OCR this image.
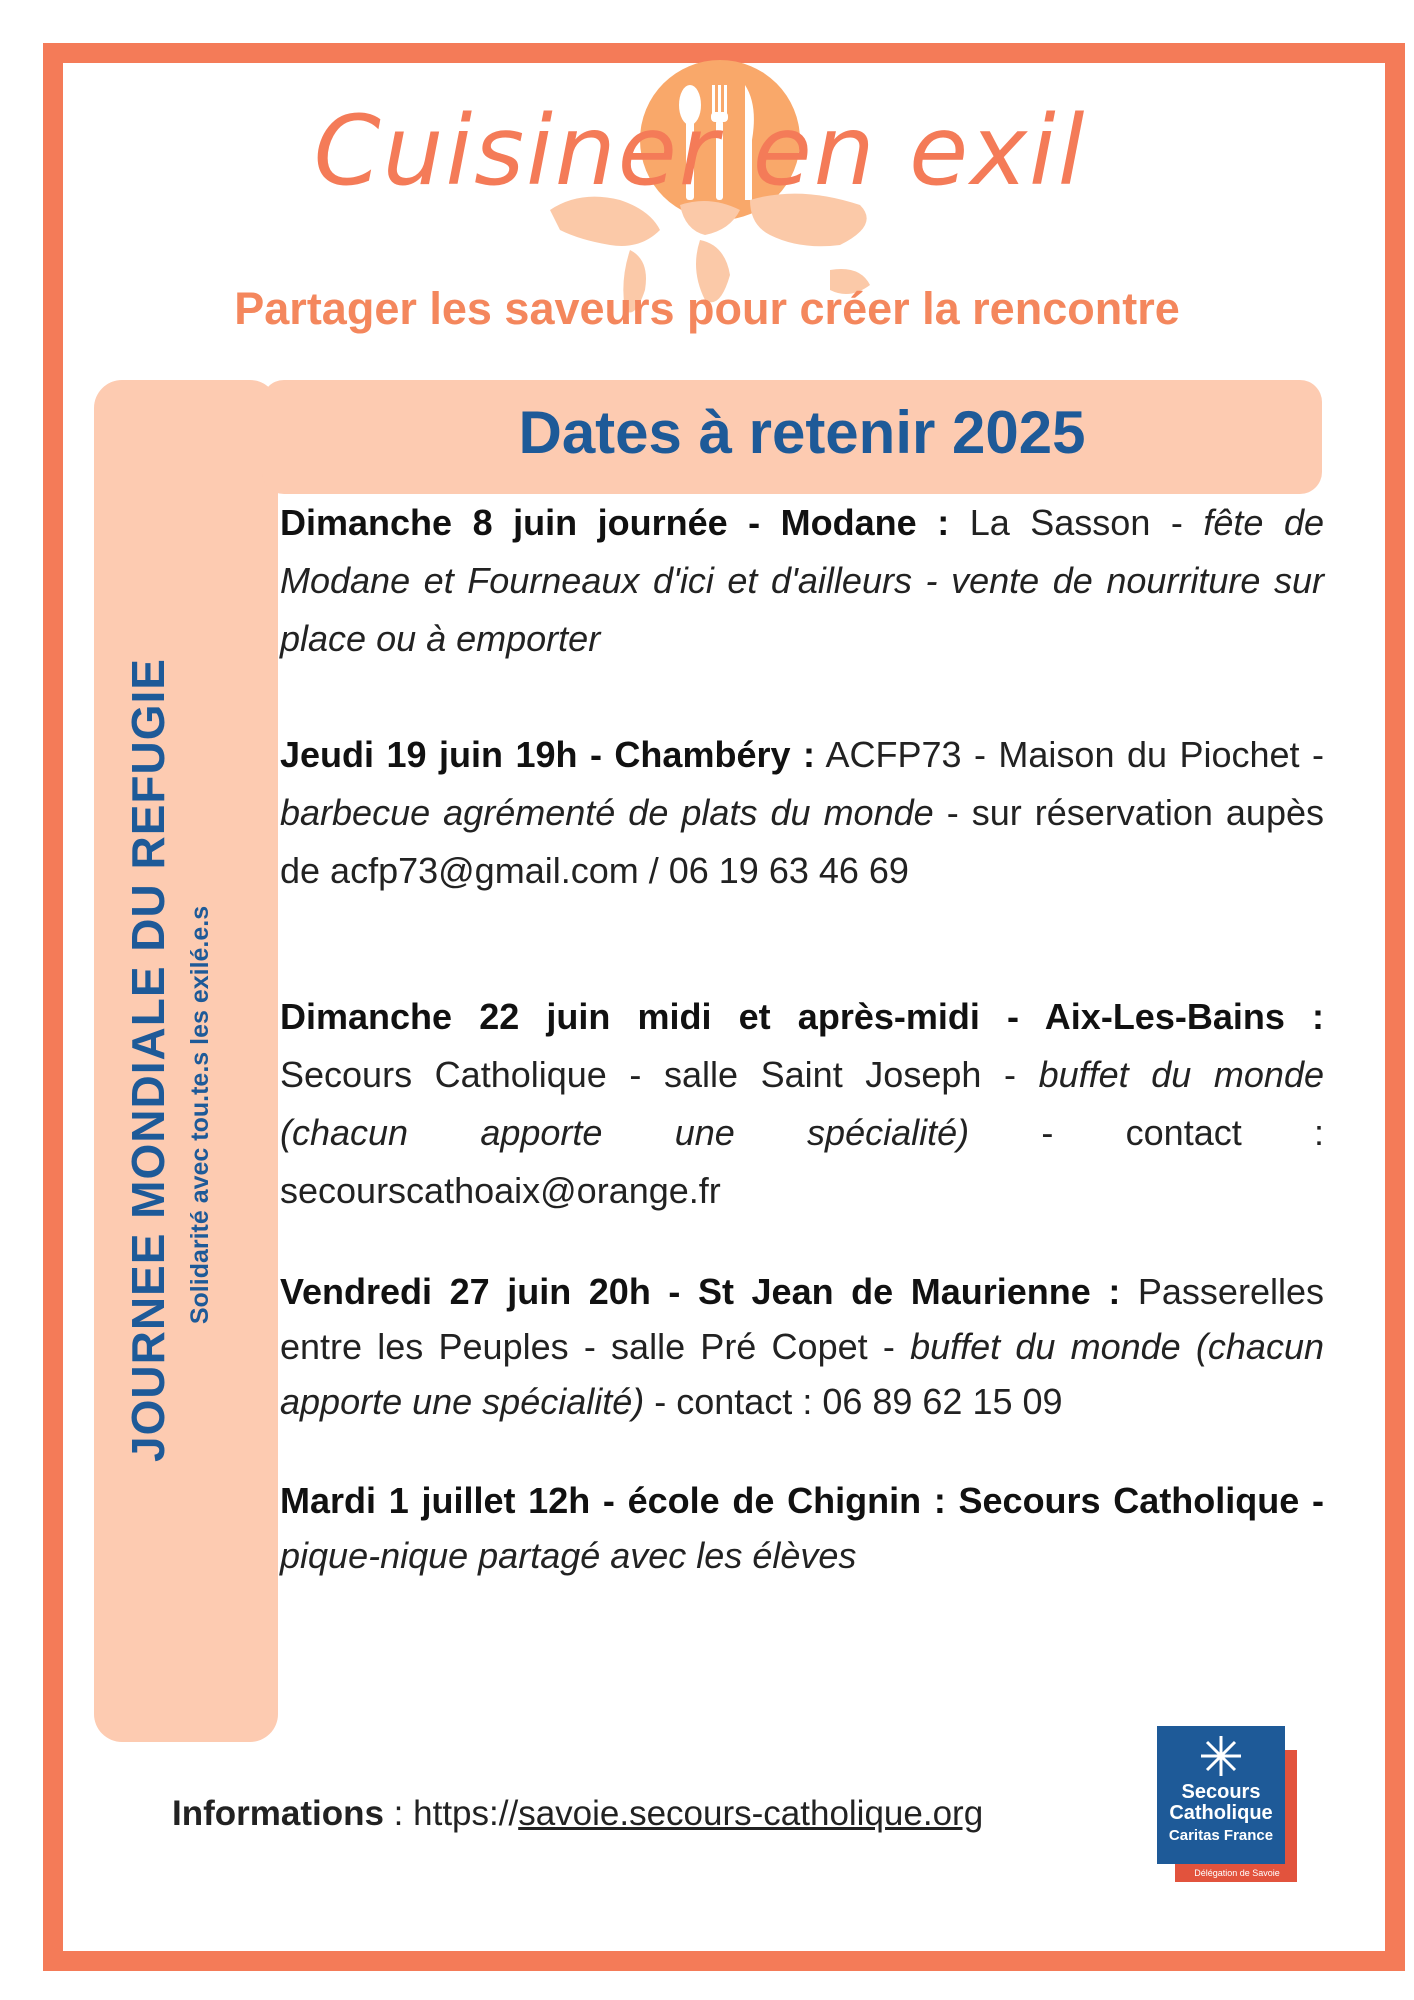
Cuisiner en exil
Partager les saveurs pour créer la rencontre
JOURNEE MONDIALE DU REFUGIE Solidarité avec tou.te.s les exilé.e.s
Dates à retenir 2025

Dimanche 8 juin journée - Modane : La Sasson - fête de Modane et Fourneaux d'ici et d'ailleurs - vente de nourriture sur place ou à emporter

Jeudi 19 juin 19h - Chambéry : ACFP73 - Maison du Piochet - barbecue agrémenté de plats du monde - sur réservation aupès de acfp73@gmail.com / 06 19 63 46 69

Dimanche 22 juin midi et après-midi - Aix-Les-Bains : Secours Catholique - salle Saint Joseph - buffet du monde (chacun apporte une spécialité) - contact : secourscathoaix@orange.fr

Vendredi 27 juin 20h - St Jean de Maurienne : Passerelles entre les Peuples - salle Pré Copet - buffet du monde (chacun apporte une spécialité) - contact : 06 89 62 15 09

Mardi 1 juillet 12h - école de Chignin : Secours Catholique - pique-nique partagé avec les élèves

Informations : https://savoie.secours-catholique.org
Secours
Catholique
Caritas France
Délégation de Savoie
